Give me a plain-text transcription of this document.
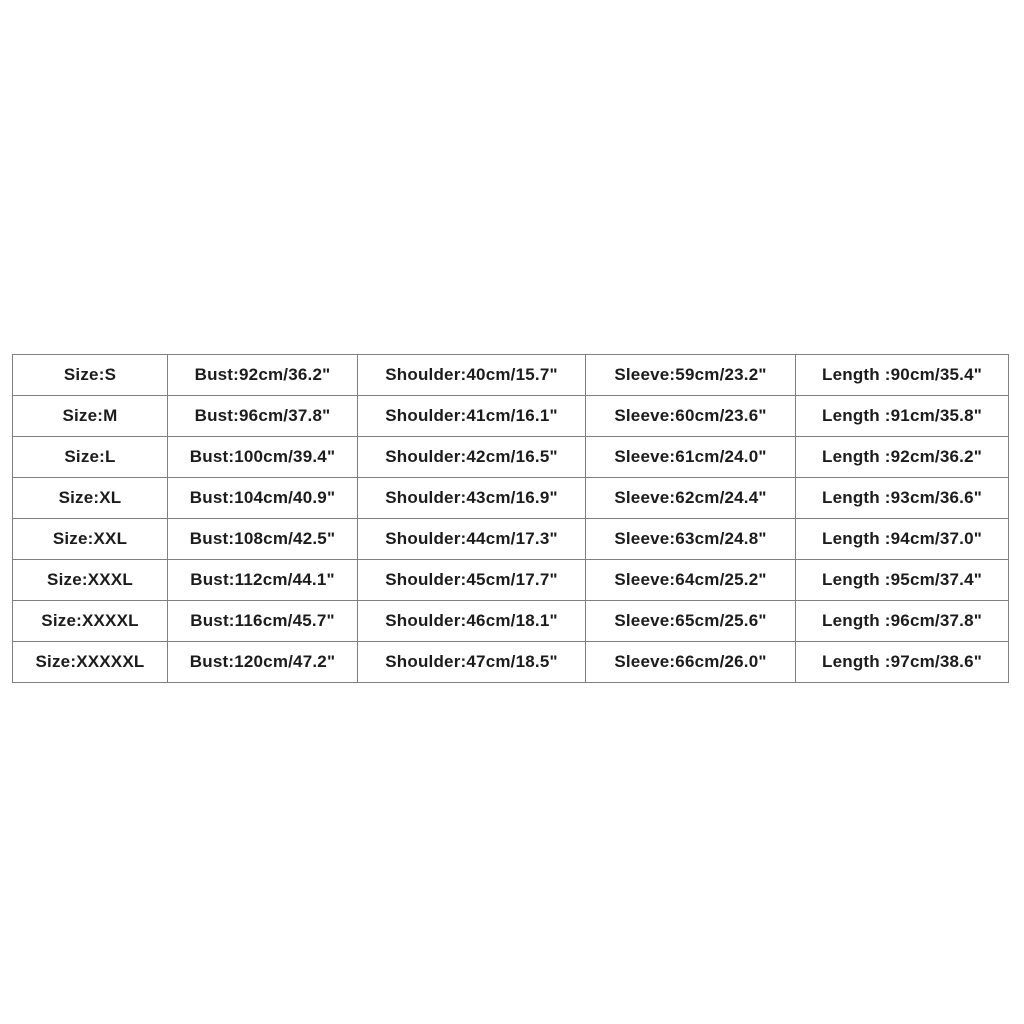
Size:S	Bust:92cm/36.2"	Shoulder:40cm/15.7"	Sleeve:59cm/23.2"	Length :90cm/35.4"
Size:M	Bust:96cm/37.8"	Shoulder:41cm/16.1"	Sleeve:60cm/23.6"	Length :91cm/35.8"
Size:L	Bust:100cm/39.4"	Shoulder:42cm/16.5"	Sleeve:61cm/24.0"	Length :92cm/36.2"
Size:XL	Bust:104cm/40.9"	Shoulder:43cm/16.9"	Sleeve:62cm/24.4"	Length :93cm/36.6"
Size:XXL	Bust:108cm/42.5"	Shoulder:44cm/17.3"	Sleeve:63cm/24.8"	Length :94cm/37.0"
Size:XXXL	Bust:112cm/44.1"	Shoulder:45cm/17.7"	Sleeve:64cm/25.2"	Length :95cm/37.4"
Size:XXXXL	Bust:116cm/45.7"	Shoulder:46cm/18.1"	Sleeve:65cm/25.6"	Length :96cm/37.8"
Size:XXXXXL	Bust:120cm/47.2"	Shoulder:47cm/18.5"	Sleeve:66cm/26.0"	Length :97cm/38.6"
